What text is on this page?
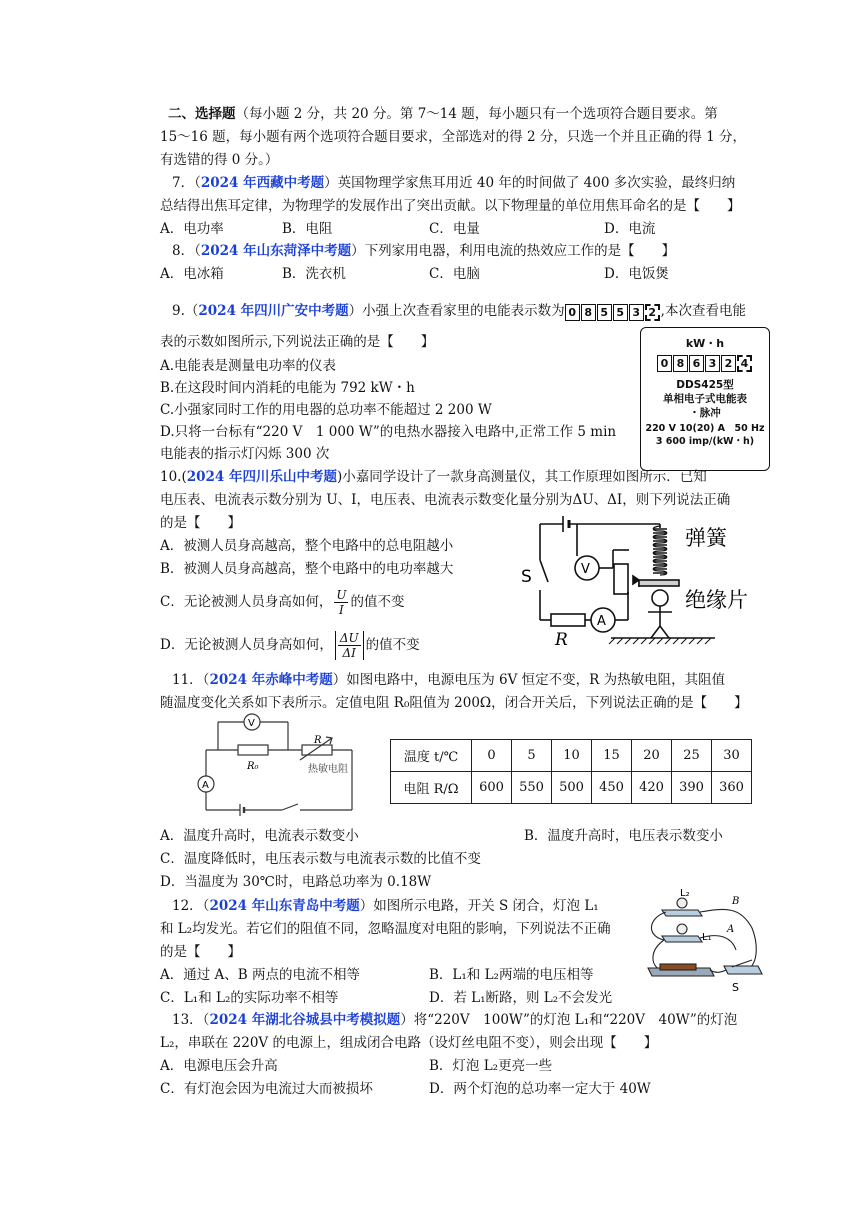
二、选择题（每小题 2 分，共 20 分。第 7～14 题，每小题只有一个选项符合题目要求。第
15～16 题，每小题有两个选项符合题目要求，全部选对的得 2 分，只选一个并且正确的得 1 分，
有选错的得 0 分。）
7．（2024 年西藏中考题）英国物理学家焦耳用近 40 年的时间做了 400 多次实验，最终归纳
总结得出焦耳定律，为物理学的发展作出了突出贡献。以下物理量的单位用焦耳命名的是【　　】
A．电功率	B．电阻	C．电量	D．电流
8．（2024 年山东菏泽中考题）下列家用电器，利用电流的热效应工作的是【　　】
A．电冰箱	B．洗衣机	C．电脑	D．电饭煲
9.（2024 年四川广安中考题）小强上次查看家里的电能表示数为 0 8 5 5 3 2 ,本次查看电能
表的示数如图所示,下列说法正确的是【　　】
A.电能表是测量电功率的仪表
B.在这段时间内消耗的电能为 792 kW・h
C.小强家同时工作的用电器的总功率不能超过 2 200 W
D.只将一台标有“220 V　1 000 W”的电热水器接入电路中,正常工作 5 min
电能表的指示灯闪烁 300 次
kW・h
0 8 6 3 2 4
DDS425型
单相电子式电能表
・脉冲
220 V 10(20) A　50 Hz
3 600 imp/(kW・h)
10.(2024 年四川乐山中考题)小嘉同学设计了一款身高测量仪，其工作原理如图所示．已知
电压表、电流表示数分别为 U、I，电压表、电流表示数变化量分别为ΔU、ΔI，则下列说法正确
的是【　　】
A．被测人员身高越高，整个电路中的总电阻越小
B．被测人员身高越高，整个电路中的电功率越大
C．无论被测人员身高如何， $\frac{U}{I}$ 的值不变
D．无论被测人员身高如何， $\frac{\Delta U}{\Delta I}$ 的值不变
V
A
R
S
弹簧
绝缘片
11．（2024 年赤峰中考题）如图电路中，电源电压为 6V 恒定不变，R 为热敏电阻，其阻值
随温度变化关系如下表所示。定值电阻 R₀阻值为 200Ω，闭合开关后，下列说法正确的是【　　】
A
V
R₀
R
热敏电阻
温度 t/℃	0	5	10	15	20	25	30
电阻 R/Ω	600	550	500	450	420	390	360
A．温度升高时，电流表示数变小	B．温度升高时，电压表示数变小
C．温度降低时，电压表示数与电流表示数的比值不变
D．当温度为 30℃时，电路总功率为 0.18W
12．（2024 年山东青岛中考题）如图所示电路，开关 S 闭合，灯泡 L₁
和 L₂均发光。若它们的阻值不同，忽略温度对电阻的影响，下列说法不正确
的是【　　】
A．通过 A、B 两点的电流不相等	B．L₁和 L₂两端的电压相等
C．L₁和 L₂的实际功率不相等	D．若 L₁断路，则 L₂不会发光
L₂
L₁
A
B
S
13．（2024 年湖北谷城县中考模拟题）将“220V　100W”的灯泡 L₁和“220V　40W”的灯泡
L₂，串联在 220V 的电源上，组成闭合电路（设灯丝电阻不变），则会出现【　　】
A．电源电压会升高	B．灯泡 L₂更亮一些
C．有灯泡会因为电流过大而被损坏	D．两个灯泡的总功率一定大于 40W
